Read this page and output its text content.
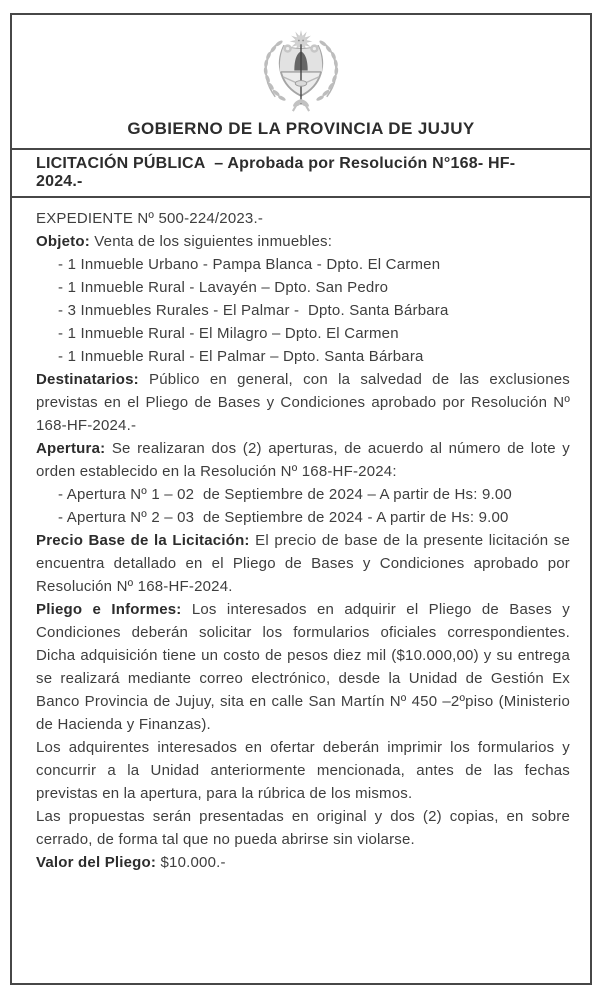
GOBIERNO DE LA PROVINCIA DE JUJUY
LICITACIÓN PÚBLICA  – Aprobada por Resolución N°168- HF- 2024.-

EXPEDIENTE Nº 500-224/2023.-

Objeto: Venta de los siguientes inmuebles:

- 1 Inmueble Urbano - Pampa Blanca - Dpto. El Carmen
- 1 Inmueble Rural - Lavayén – Dpto. San Pedro
- 3 Inmuebles Rurales - El Palmar -  Dpto. Santa Bárbara
- 1 Inmueble Rural - El Milagro – Dpto. El Carmen
- 1 Inmueble Rural - El Palmar – Dpto. Santa Bárbara

Destinatarios: Público en general, con la salvedad de las exclusiones previstas en el Pliego de Bases y Condiciones aprobado por Resolución Nº 168-HF-2024.-

Apertura: Se realizaran dos (2) aperturas, de acuerdo al número de lote y orden establecido en la Resolución Nº 168-HF-2024:

- Apertura Nº 1 – 02  de Septiembre de 2024 – A partir de Hs: 9.00
- Apertura Nº 2 – 03  de Septiembre de 2024 - A partir de Hs: 9.00

Precio Base de la Licitación: El precio de base de la presente licitación se encuentra detallado en el Pliego de Bases y Condiciones aprobado por Resolución Nº 168-HF-2024.

Pliego e Informes: Los interesados en adquirir el Pliego de Bases y Condiciones deberán solicitar los formularios oficiales correspondientes. Dicha adquisición tiene un costo de pesos diez mil ($10.000,00) y su entrega se realizará mediante correo electrónico, desde la Unidad de Gestión Ex Banco Provincia de Jujuy, sita en calle San Martín Nº 450 –2ºpiso (Ministerio de Hacienda y Finanzas).

Los adquirentes interesados en ofertar deberán imprimir los formularios y concurrir a la Unidad anteriormente mencionada, antes de las fechas previstas en la apertura, para la rúbrica de los mismos.

Las propuestas serán presentadas en original y dos (2) copias, en sobre cerrado, de forma tal que no pueda abrirse sin violarse.

Valor del Pliego: $10.000.-
